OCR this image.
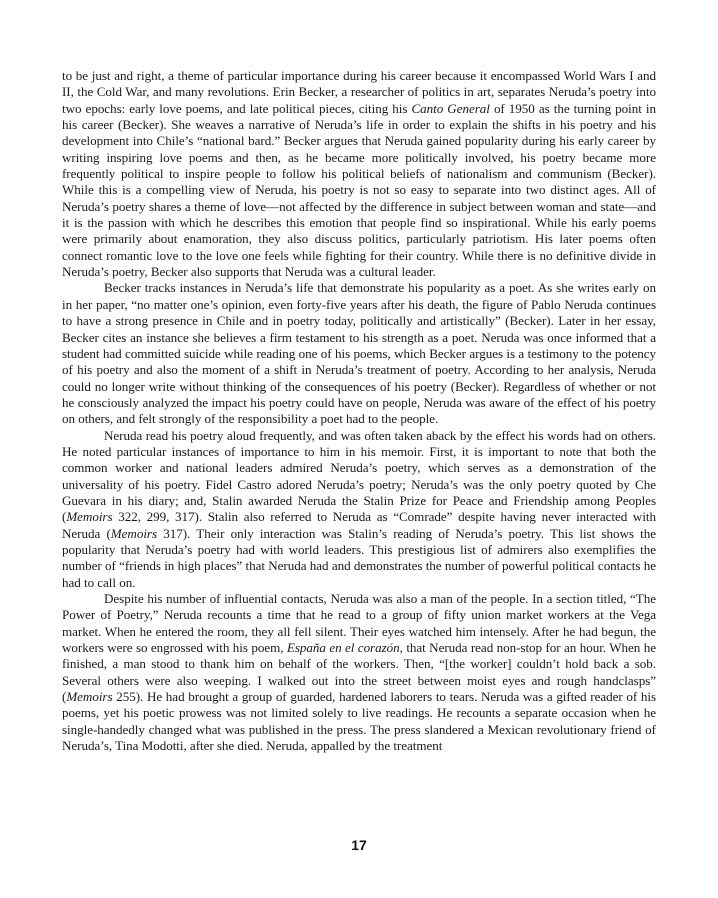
to be just and right, a theme of particular importance during his career because it encompassed World Wars I and II, the Cold War, and many revolutions. Erin Becker, a researcher of politics in art, separates Neruda’s poetry into two epochs: early love poems, and late political pieces, citing his Canto General of 1950 as the turning point in his career (Becker). She weaves a narrative of Neruda’s life in order to explain the shifts in his poetry and his development into Chile’s “national bard.” Becker argues that Neruda gained popularity during his early career by writing inspiring love poems and then, as he became more politically involved, his poetry became more frequently political to inspire people to follow his political beliefs of nationalism and communism (Becker). While this is a compelling view of Neruda, his poetry is not so easy to separate into two distinct ages. All of Neruda’s poetry shares a theme of love—not affected by the difference in subject between woman and state—and it is the passion with which he describes this emotion that people find so inspirational. While his early poems were primarily about enamoration, they also discuss politics, particularly patriotism. His later poems often connect romantic love to the love one feels while fighting for their country. While there is no definitive divide in Neruda’s poetry, Becker also supports that Neruda was a cultural leader.

Becker tracks instances in Neruda’s life that demonstrate his popularity as a poet. As she writes early on in her paper, “no matter one’s opinion, even forty-five years after his death, the figure of Pablo Neruda continues to have a strong presence in Chile and in poetry today, politically and artistically” (Becker). Later in her essay, Becker cites an instance she believes a firm testament to his strength as a poet. Neruda was once informed that a student had committed suicide while reading one of his poems, which Becker argues is a testimony to the potency of his poetry and also the moment of a shift in Neruda’s treatment of poetry. According to her analysis, Neruda could no longer write without thinking of the consequences of his poetry (Becker). Regardless of whether or not he consciously analyzed the impact his poetry could have on people, Neruda was aware of the effect of his poetry on others, and felt strongly of the responsibility a poet had to the people.

Neruda read his poetry aloud frequently, and was often taken aback by the effect his words had on others. He noted particular instances of importance to him in his memoir. First, it is important to note that both the common worker and national leaders admired Neruda’s poetry, which serves as a demonstration of the universality of his poetry. Fidel Castro adored Neruda’s poetry; Neruda’s was the only poetry quoted by Che Guevara in his diary; and, Stalin awarded Neruda the Stalin Prize for Peace and Friendship among Peoples (Memoirs 322, 299, 317). Stalin also referred to Neruda as “Comrade” despite having never interacted with Neruda (Memoirs 317). Their only interaction was Stalin’s reading of Neruda’s poetry. This list shows the popularity that Neruda’s poetry had with world leaders. This prestigious list of admirers also exemplifies the number of “friends in high places” that Neruda had and demonstrates the number of powerful political contacts he had to call on.

Despite his number of influential contacts, Neruda was also a man of the people. In a section titled, “The Power of Poetry,” Neruda recounts a time that he read to a group of fifty union market workers at the Vega market. When he entered the room, they all fell silent. Their eyes watched him intensely. After he had begun, the workers were so engrossed with his poem, España en el corazón, that Neruda read non-stop for an hour. When he finished, a man stood to thank him on behalf of the workers. Then, “[the worker] couldn’t hold back a sob. Several others were also weeping. I walked out into the street between moist eyes and rough handclasps” (Memoirs 255). He had brought a group of guarded, hardened laborers to tears. Neruda was a gifted reader of his poems, yet his poetic prowess was not limited solely to live readings. He recounts a separate occasion when he single-handedly changed what was published in the press. The press slandered a Mexican revolutionary friend of Neruda’s, Tina Modotti, after she died. Neruda, appalled by the treatment

17
